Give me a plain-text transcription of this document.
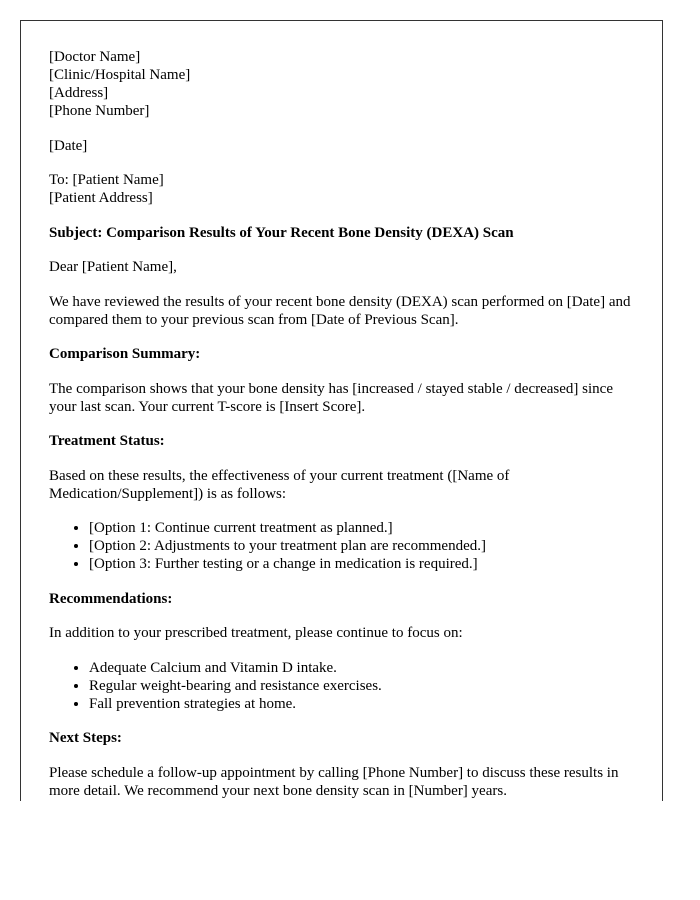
[Doctor Name]
[Clinic/Hospital Name]
[Address]
[Phone Number]

[Date]

To: [Patient Name]
[Patient Address]

Subject: Comparison Results of Your Recent Bone Density (DEXA) Scan

Dear [Patient Name],

We have reviewed the results of your recent bone density (DEXA) scan performed on [Date] and compared them to your previous scan from [Date of Previous Scan].

Comparison Summary:

The comparison shows that your bone density has [increased / stayed stable / decreased] since your last scan. Your current T-score is [Insert Score].

Treatment Status:

Based on these results, the effectiveness of your current treatment ([Name of Medication/Supplement]) is as follows:

• [Option 1: Continue current treatment as planned.]
• [Option 2: Adjustments to your treatment plan are recommended.]
• [Option 3: Further testing or a change in medication is required.]

Recommendations:

In addition to your prescribed treatment, please continue to focus on:

• Adequate Calcium and Vitamin D intake.
• Regular weight-bearing and resistance exercises.
• Fall prevention strategies at home.

Next Steps:

Please schedule a follow-up appointment by calling [Phone Number] to discuss these results in more detail. We recommend your next bone density scan in [Number] years.
